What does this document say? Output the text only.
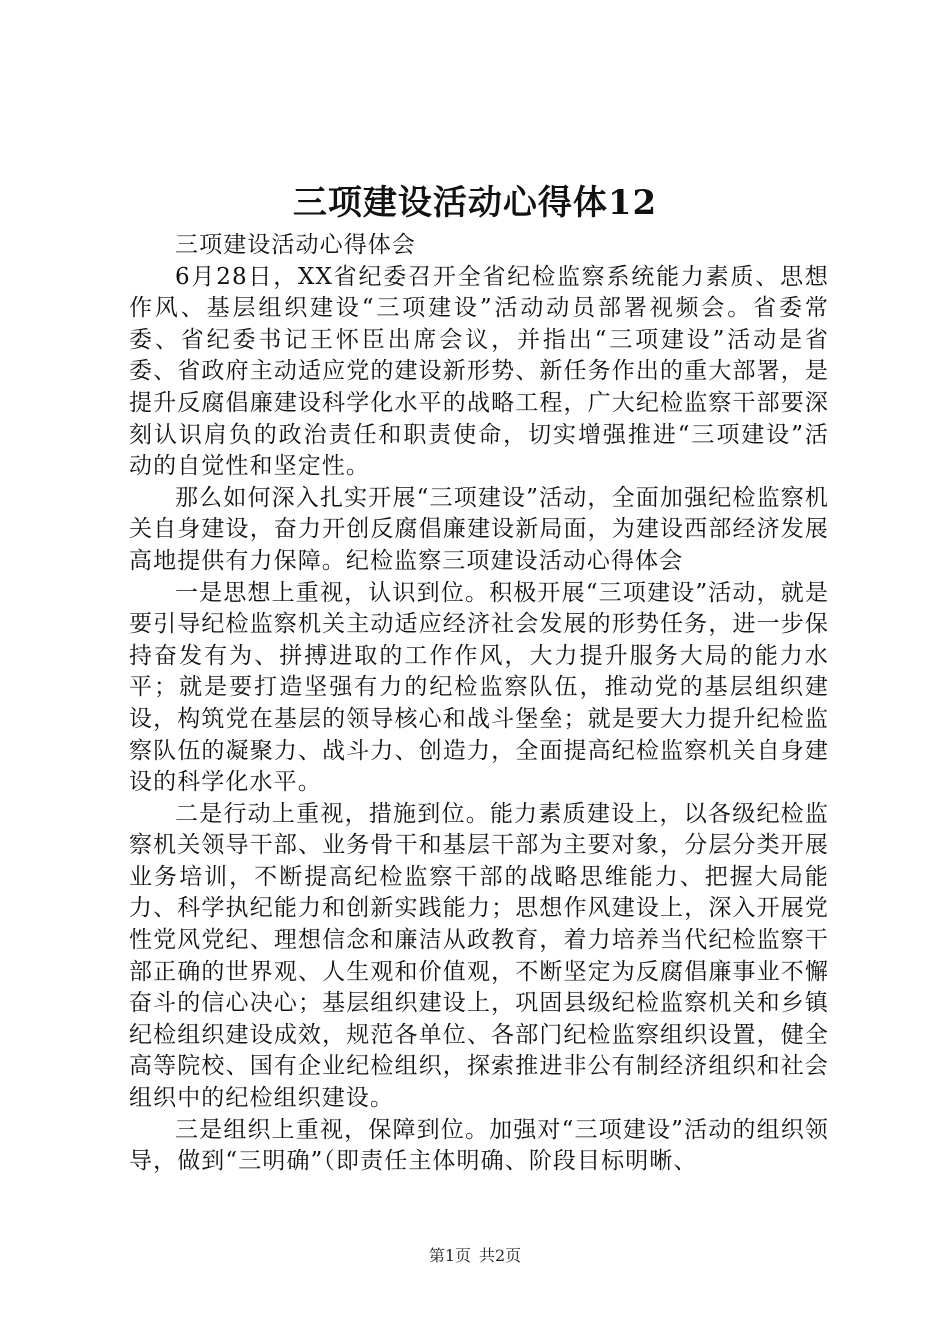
三项建设活动心得体12

三项建设活动心得体会

6月28日，XX省纪委召开全省纪检监察系统能力素质、思想作风、基层组织建设“三项建设”活动动员部署视频会。省委常委、省纪委书记王怀臣出席会议，并指出“三项建设”活动是省委、省政府主动适应党的建设新形势、新任务作出的重大部署，是提升反腐倡廉建设科学化水平的战略工程，广大纪检监察干部要深刻认识肩负的政治责任和职责使命，切实增强推进“三项建设”活动的自觉性和坚定性。

那么如何深入扎实开展“三项建设”活动，全面加强纪检监察机关自身建设，奋力开创反腐倡廉建设新局面，为建设西部经济发展高地提供有力保障。纪检监察三项建设活动心得体会

一是思想上重视，认识到位。积极开展“三项建设”活动，就是要引导纪检监察机关主动适应经济社会发展的形势任务，进一步保持奋发有为、拼搏进取的工作作风，大力提升服务大局的能力水平；就是要打造坚强有力的纪检监察队伍，推动党的基层组织建设，构筑党在基层的领导核心和战斗堡垒；就是要大力提升纪检监察队伍的凝聚力、战斗力、创造力，全面提高纪检监察机关自身建设的科学化水平。

二是行动上重视，措施到位。能力素质建设上，以各级纪检监察机关领导干部、业务骨干和基层干部为主要对象，分层分类开展业务培训，不断提高纪检监察干部的战略思维能力、把握大局能力、科学执纪能力和创新实践能力；思想作风建设上，深入开展党性党风党纪、理想信念和廉洁从政教育，着力培养当代纪检监察干部正确的世界观、人生观和价值观，不断坚定为反腐倡廉事业不懈奋斗的信心决心；基层组织建设上，巩固县级纪检监察机关和乡镇纪检组织建设成效，规范各单位、各部门纪检监察组织设置，健全高等院校、国有企业纪检组织，探索推进非公有制经济组织和社会组织中的纪检组织建设。

三是组织上重视，保障到位。加强对“三项建设”活动的组织领导，做到“三明确”（即责任主体明确、阶段目标明晰、

第1页 共2页
